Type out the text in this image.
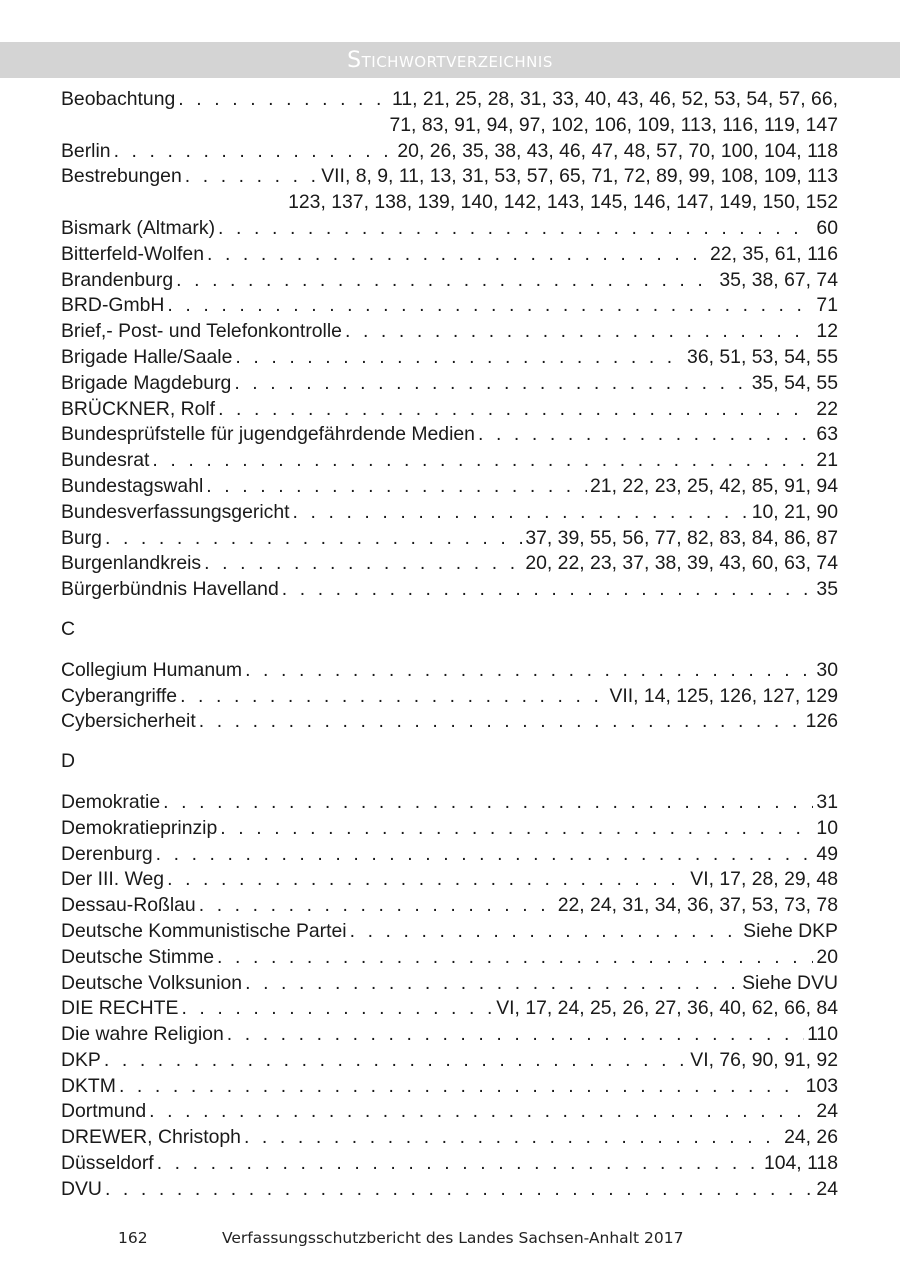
Stichwortverzeichnis
Beobachtung . . .	11, 21, 25, 28, 31, 33, 40, 43, 46, 52, 53, 54, 57, 66,
71, 83, 91, 94, 97, 102, 106, 109, 113, 116, 119, 147
Berlin . . .	20, 26, 35, 38, 43, 46, 47, 48, 57, 70, 100, 104, 118
Bestrebungen . . .	VII, 8, 9, 11, 13, 31, 53, 57, 65, 71, 72, 89, 99, 108, 109, 113
123, 137, 138, 139, 140, 142, 143, 145, 146, 147, 149, 150, 152
Bismark (Altmark) . . .	60
Bitterfeld-Wolfen . . .	22, 35, 61, 116
Brandenburg . . .	35, 38, 67, 74
BRD-GmbH . . .	71
Brief,- Post- und Telefonkontrolle . . .	12
Brigade Halle/Saale . . .	36, 51, 53, 54, 55
Brigade Magdeburg . . .	35, 54, 55
BRÜCKNER, Rolf . . .	22
Bundesprüfstelle für jugendgefährdende Medien . . .	63
Bundesrat . . .	21
Bundestagswahl . . .	21, 22, 23, 25, 42, 85, 91, 94
Bundesverfassungsgericht . . .	10, 21, 90
Burg . . .	37, 39, 55, 56, 77, 82, 83, 84, 86, 87
Burgenlandkreis . . .	20, 22, 23, 37, 38, 39, 43, 60, 63, 74
Bürgerbündnis Havelland . . .	35
C
Collegium Humanum . . .	30
Cyberangriffe . . .	VII, 14, 125, 126, 127, 129
Cybersicherheit . . .	126
D
Demokratie . . .	31
Demokratieprinzip . . .	10
Derenburg . . .	49
Der III. Weg . . .	VI, 17, 28, 29, 48
Dessau-Roßlau . . .	22, 24, 31, 34, 36, 37, 53, 73, 78
Deutsche Kommunistische Partei . . .	Siehe DKP
Deutsche Stimme . . .	20
Deutsche Volksunion . . .	Siehe DVU
DIE RECHTE . . .	VI, 17, 24, 25, 26, 27, 36, 40, 62, 66, 84
Die wahre Religion . . .	110
DKP . . .	VI, 76, 90, 91, 92
DKTM . . .	103
Dortmund . . .	24
DREWER, Christoph . . .	24, 26
Düsseldorf . . .	104, 118
DVU . . .	24
162	Verfassungsschutzbericht des Landes Sachsen-Anhalt 2017
